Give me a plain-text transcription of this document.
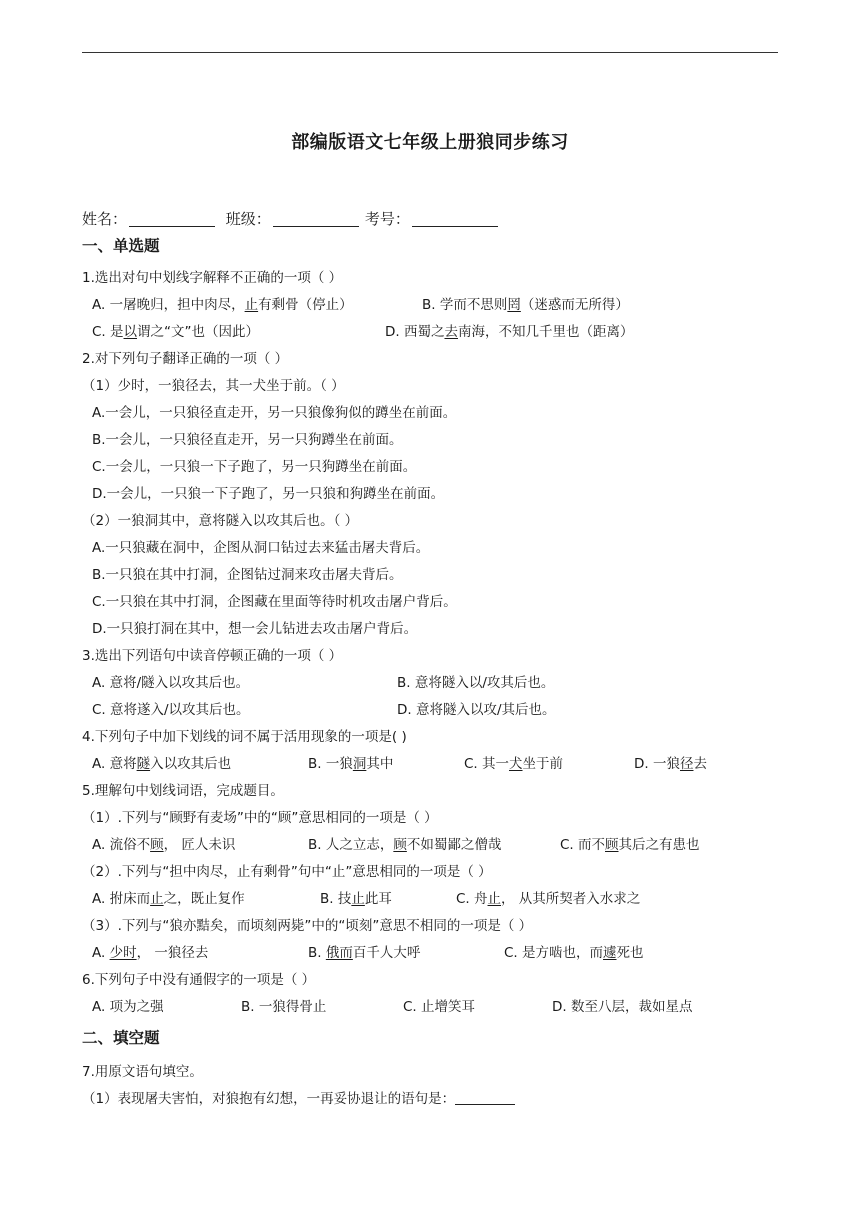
部编版语文七年级上册狼同步练习
姓名：	班级：	考号：
一、单选题
1.选出对句中划线字解释不正确的一项（ ）
A. 一屠晚归，担中肉尽，止有剩骨（停止）	B. 学而不思则罔（迷惑而无所得）
C. 是以谓之“文”也（因此）	D. 西蜀之去南海，不知几千里也（距离）
2.对下列句子翻译正确的一项（ ）
（1）少时，一狼径去，其一犬坐于前。（ ）
A.一会儿，一只狼径直走开，另一只狼像狗似的蹲坐在前面。
B.一会儿，一只狼径直走开，另一只狗蹲坐在前面。
C.一会儿，一只狼一下子跑了，另一只狗蹲坐在前面。
D.一会儿，一只狼一下子跑了，另一只狼和狗蹲坐在前面。
（2）一狼洞其中，意将隧入以攻其后也。（ ）
A.一只狼藏在洞中，企图从洞口钻过去来猛击屠夫背后。
B.一只狼在其中打洞，企图钻过洞来攻击屠夫背后。
C.一只狼在其中打洞，企图藏在里面等待时机攻击屠户背后。
D.一只狼打洞在其中，想一会儿钻进去攻击屠户背后。
3.选出下列语句中读音停顿正确的一项（ ）
A. 意将/隧入以攻其后也。	B. 意将隧入以/攻其后也。
C. 意将遂入/以攻其后也。	D. 意将隧入以攻/其后也。
4.下列句子中加下划线的词不属于活用现象的一项是( )
A. 意将隧入以攻其后也	B. 一狼洞其中	C. 其一犬坐于前	D. 一狼径去
5.理解句中划线词语，完成题目。
（1）.下列与“顾野有麦场”中的“顾”意思相同的一项是（ ）
A. 流俗不顾， 匠人未识	B. 人之立志，顾不如蜀鄙之僧哉	C. 而不顾其后之有患也
（2）.下列与“担中肉尽，止有剩骨”句中“止”意思相同的一项是（ ）
A. 拊床而止之，既止复作	B. 技止此耳	C. 舟止， 从其所契者入水求之
（3）.下列与“狼亦黠矣，而顷刻两毙”中的“顷刻”意思不相同的一项是（ ）
A. 少时， 一狼径去	B. 俄而百千人大呼	C. 是方啮也，而遽死也
6.下列句子中没有通假字的一项是（ ）
A. 项为之强	B. 一狼得骨止	C. 止增笑耳	D. 数至八层，裁如星点
二、填空题
7.用原文语句填空。
（1）表现屠夫害怕，对狼抱有幻想，一再妥协退让的语句是：
